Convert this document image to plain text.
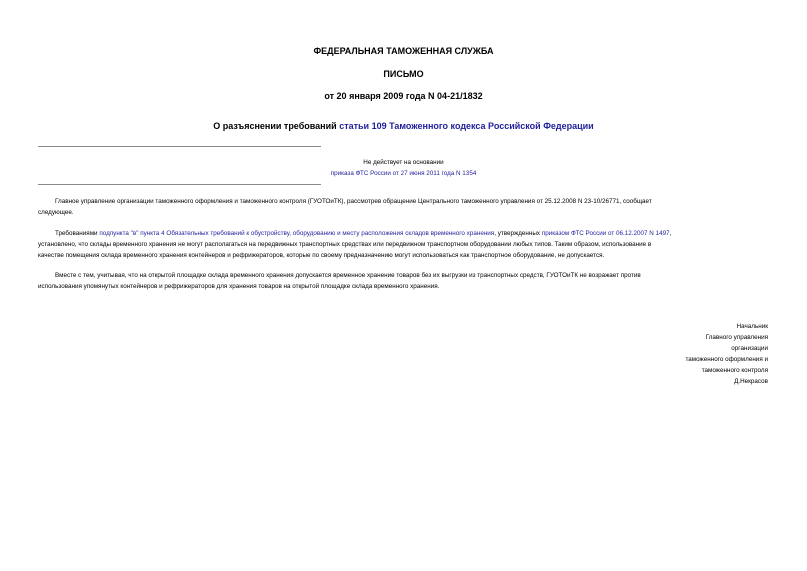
ФЕДЕРАЛЬНАЯ ТАМОЖЕННАЯ СЛУЖБА
ПИСЬМО
от 20 января 2009 года N 04-21/1832
О разъяснении требований статьи 109 Таможенного кодекса Российской Федерации
Не действует на основании
приказа ФТС России от 27 июня 2011 года N 1354
Главное управление организации таможенного оформления и таможенного контроля (ГУОТОиТК), рассмотрев обращение Центрального таможенного управления от 25.12.2008 N 23-10/26771, сообщает
следующее.
Требованиями подпункта "в" пункта 4 Обязательных требований к обустройству, оборудованию и месту расположения складов временного хранения, утвержденных приказом ФТС России от 06.12.2007 N 1497,
установлено, что склады временного хранения не могут располагаться на передвижных транспортных средствах или передвижном транспортном оборудовании любых типов. Таким образом, использование в
качестве помещения склада временного хранения контейнеров и рефрижераторов, которые по своему предназначению могут использоваться как транспортное оборудование, не допускается.
Вместе с тем, учитывая, что на открытой площадке склада временного хранения допускается временное хранение товаров без их выгрузки из транспортных средств, ГУОТОиТК не возражает против
использования упомянутых контейнеров и рефрижераторов для хранения товаров на открытой площадке склада временного хранения.
Начальник
Главного управления
организации
таможенного оформления и
таможенного контроля
Д.Некрасов
